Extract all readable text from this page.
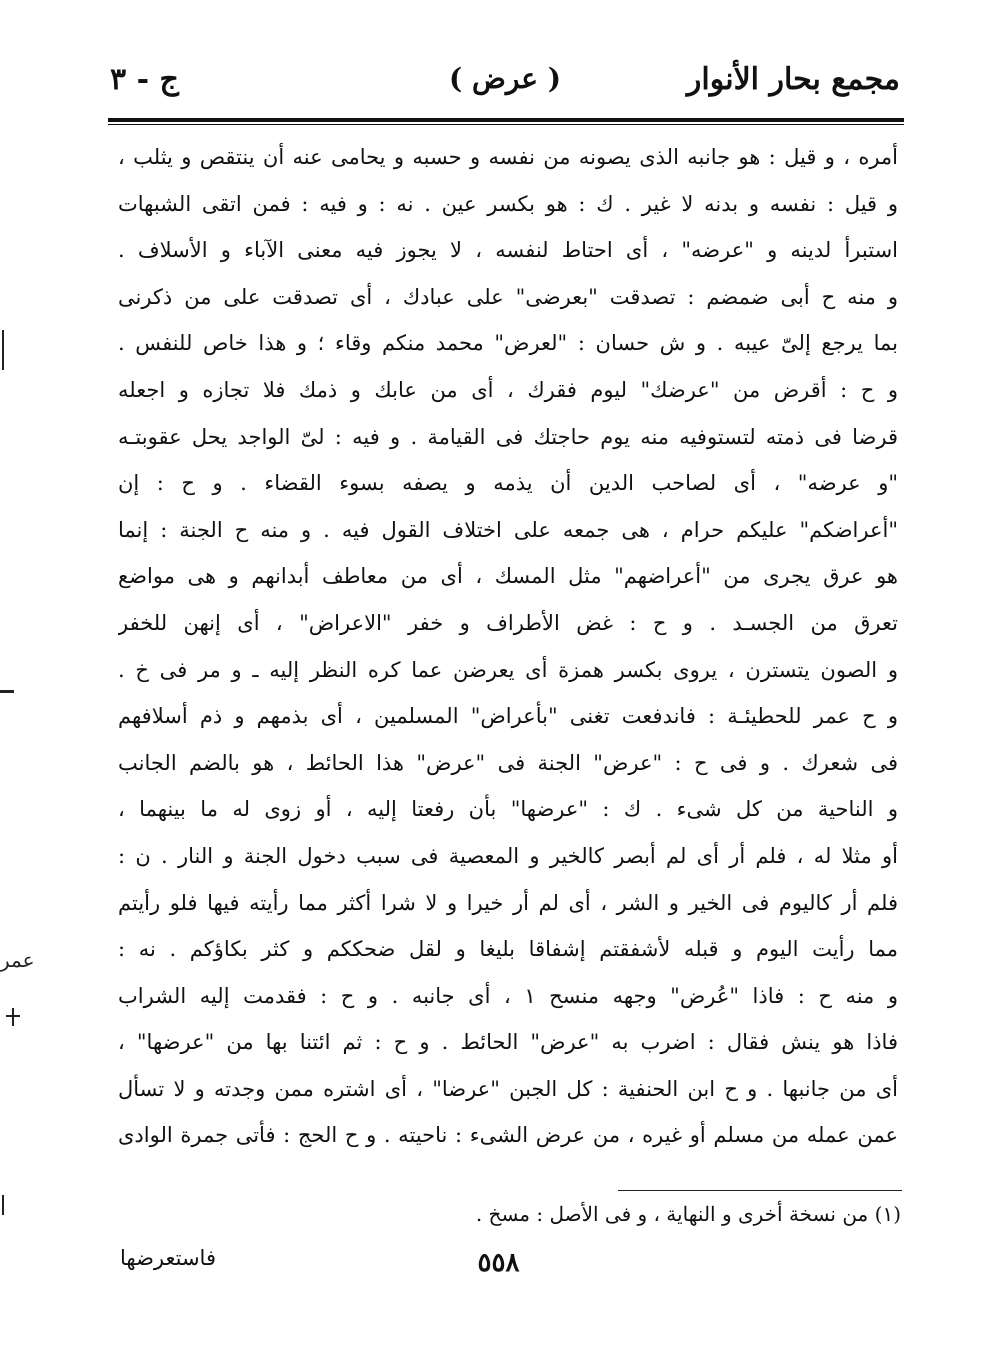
مجمع بحار الأنوار
( عرض )
ج - ٣
أمره ، و قيل : هو جانبه الذى يصونه من نفسه و حسبه و يحامى عنه أن ينتقص و يثلب ،
و قيل : نفسه و بدنه لا غير . ك : هو بكسر عين . نه : و فيه : فمن اتقى الشبهات
استبرأ لدينه و "عرضه" ، أى احتاط لنفسه ، لا يجوز فيه معنى الآباء و الأسلاف .
و منه ح أبى ضمضم : تصدقت "بعرضى" على عبادك ، أى تصدقت على من ذكرنى
بما يرجع إلىّ عيبه . و ش حسان : "لعرض" محمد منكم وقاء ؛ و هذا خاص للنفس .
و ح : أقرض من "عرضك" ليوم فقرك ، أى من عابك و ذمك فلا تجازه و اجعله
قرضا فى ذمته لتستوفيه منه يوم حاجتك فى القيامة . و فيه : لىّ الواجد يحل عقوبتـه
"و عرضه" ، أى لصاحب الدين أن يذمه و يصفه بسوء القضاء . و ح : إن
"أعراضكم" عليكم حرام ، هى جمعه على اختلاف القول فيه . و منه ح الجنة : إنما
هو عرق يجرى من "أعراضهم" مثل المسك ، أى من معاطف أبدانهم و هى مواضع
تعرق من الجسـد . و ح : غض الأطراف و خفر "الاعراض" ، أى إنهن للخفر
و الصون يتسترن ، يروى بكسر همزة أى يعرضن عما كره النظر إليه ـ و مر فى خ .
و ح عمر للحطيئـة : فاندفعت تغنى "بأعراض" المسلمين ، أى بذمهم و ذم أسلافهم
فى شعرك . و فى ح : "عرض" الجنة فى "عرض" هذا الحائط ، هو بالضم الجانب
و الناحية من كل شىء . ك : "عرضها" بأن رفعتا إليه ، أو زوى له ما بينهما ،
أو مثلا له ، فلم أر أى لم أبصر كالخير و المعصية فى سبب دخول الجنة و النار . ن :
فلم أر كاليوم فى الخير و الشر ، أى لم أر خيرا و لا شرا أكثر مما رأيته فيها فلو رأيتم
مما رأيت اليوم و قبله لأشفقتم إشفاقا بليغا و لقل ضحككم و كثر بكاؤكم . نه :
و منه ح : فاذا "عُرض" وجهه منسح ١ ، أى جانبه . و ح : فقدمت إليه الشراب
فاذا هو ينش فقال : اضرب به "عرض" الحائط . و ح : ثم ائتنا بها من "عرضها" ،
أى من جانبها . و ح ابن الحنفية : كل الجبن "عرضا" ، أى اشتره ممن وجدته و لا تسأل
عمن عمله من مسلم أو غيره ، من عرض الشىء : ناحيته . و ح الحج : فأتى جمرة الوادى
(١) من نسخة أخرى و النهاية ، و فى الأصل : مسخ .
٥٥٨
فاستعرضها
عمر
